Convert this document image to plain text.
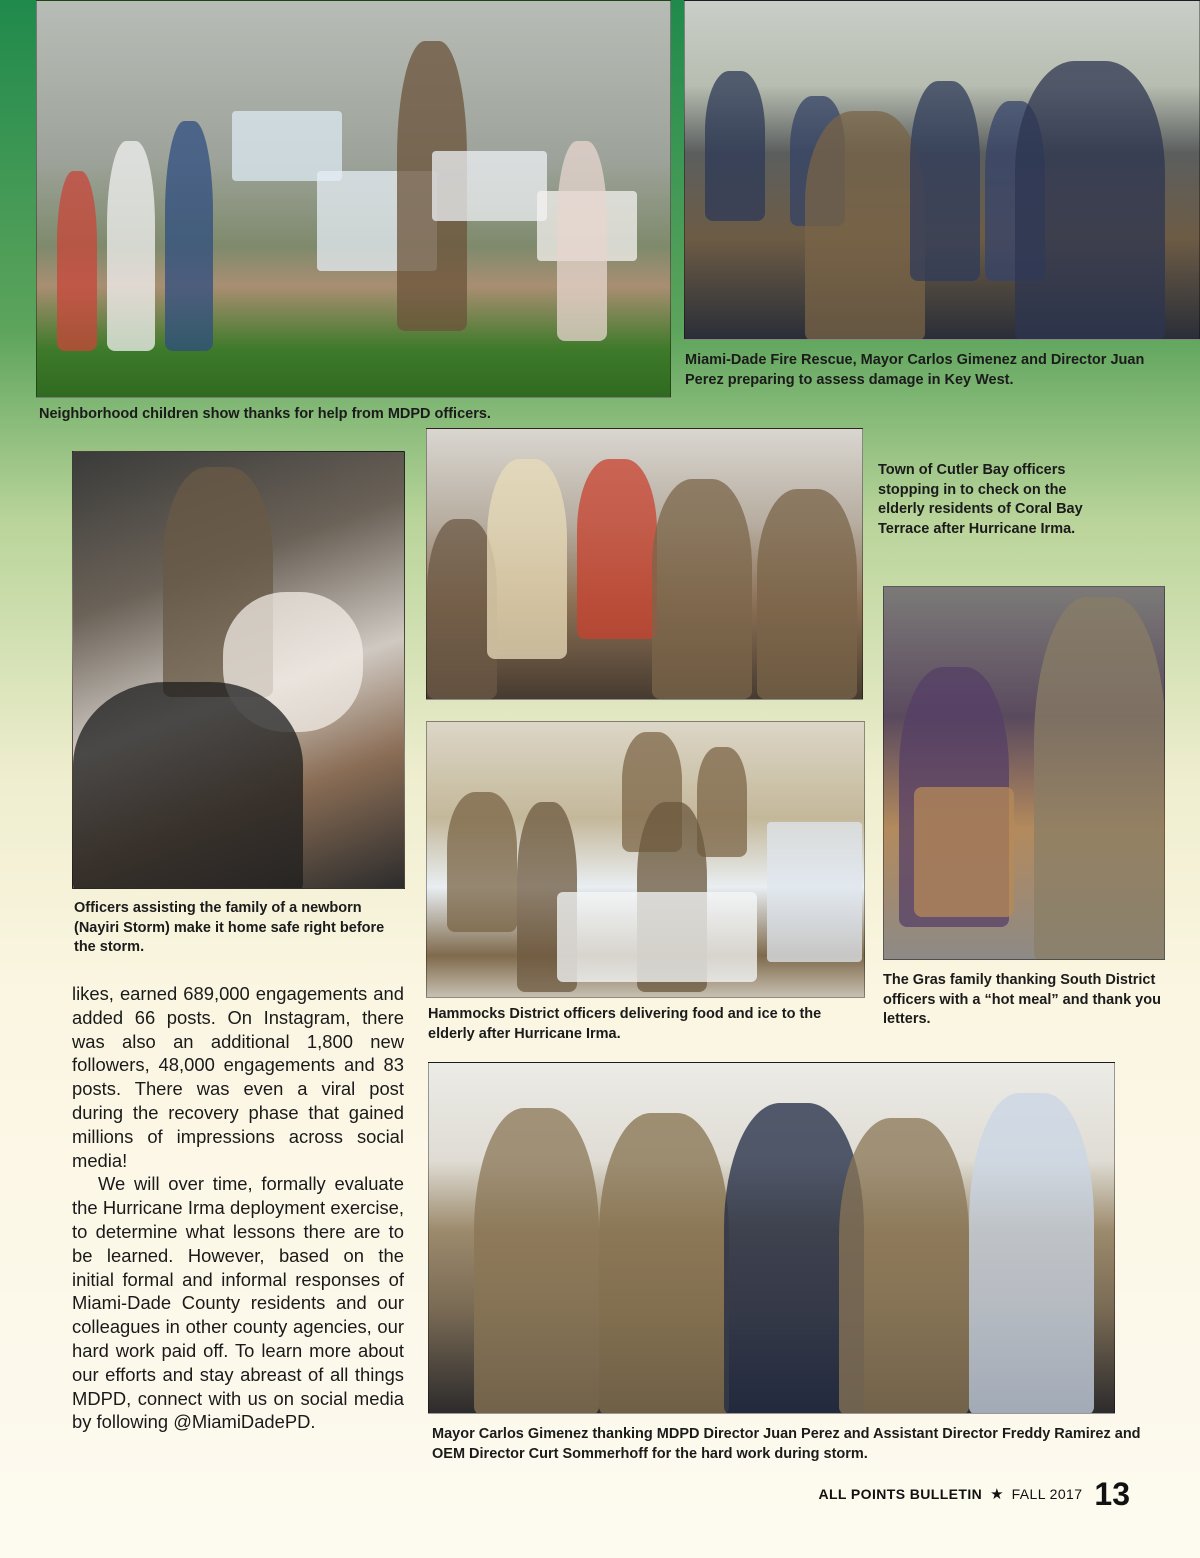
Neighborhood children show thanks for help from MDPD officers.

Miami-Dade Fire Rescue, Mayor Carlos Gimenez and Director Juan Perez preparing to assess damage in Key West.

Officers assisting the family of a newborn (Nayiri Storm) make it home safe right before the storm.

Town of Cutler Bay officers stopping in to check on the elderly residents of Coral Bay Terrace after Hurricane Irma.

The Gras family thanking South District officers with a “hot meal” and thank you letters.

Hammocks District officers delivering food and ice to the elderly after Hurricane Irma.

Mayor Carlos Gimenez thanking MDPD Director Juan Perez and Assistant Director Freddy Ramirez and OEM Director Curt Sommerhoff for the hard work during storm.

likes, earned 689,000 engagements and added 66 posts. On Instagram, there was also an additional 1,800 new followers, 48,000 engagements and 83 posts. There was even a viral post during the recovery phase that gained millions of impressions across social media!

We will over time, formally evaluate the Hurricane Irma deployment exercise, to determine what lessons there are to be learned. However, based on the initial formal and informal responses of Miami-Dade County residents and our colleagues in other county agencies, our hard work paid off. To learn more about our efforts and stay abreast of all things MDPD, connect with us on social media by following @MiamiDadePD.

ALL POINTS BULLETIN ★ FALL 2017 13
